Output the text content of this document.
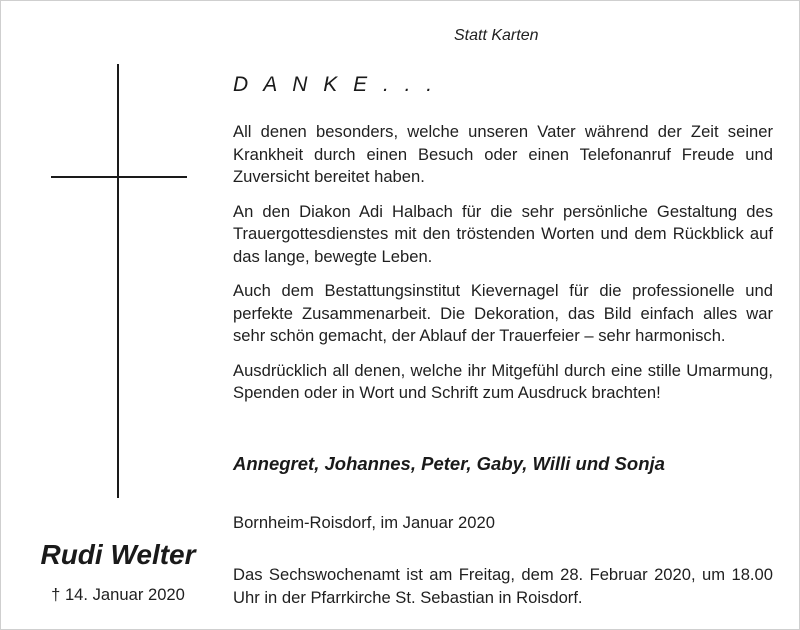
Statt Karten
D A N K E . . .

All denen besonders, welche unseren Vater während der Zeit seiner Krankheit durch einen Besuch oder einen Telefonanruf Freude und Zuversicht bereitet haben.

An den Diakon Adi Halbach für die sehr persönliche Gestaltung des Trauergottesdienstes mit den tröstenden Worten und dem Rückblick auf das lange, bewegte Leben.

Auch dem Bestattungsinstitut Kievernagel für die professionelle und perfekte Zusammenarbeit. Die Dekoration, das Bild einfach alles war sehr schön gemacht, der Ablauf der Trauerfeier – sehr harmonisch.

Ausdrücklich all denen, welche ihr Mitgefühl durch eine stille Umarmung, Spenden oder in Wort und Schrift zum Ausdruck brachten!

Annegret, Johannes, Peter, Gaby, Willi und Sonja
Bornheim-Roisdorf, im Januar 2020
Das Sechswochenamt ist am Freitag, dem 28. Februar 2020, um 18.00 Uhr in der Pfarrkirche St. Sebastian in Roisdorf.
Rudi Welter
† 14. Januar 2020
